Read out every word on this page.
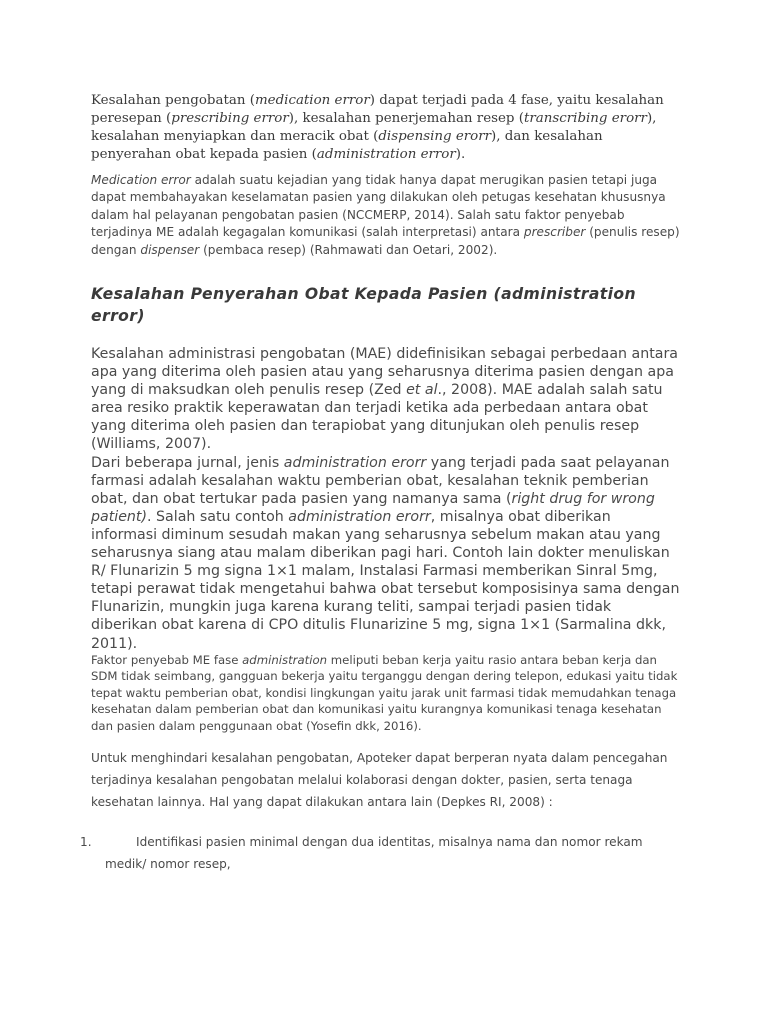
Kesalahan pengobatan (medication error) dapat terjadi pada 4 fase, yaitu kesalahan peresepan (prescribing error), kesalahan penerjemahan resep (transcribing erorr), kesalahan menyiapkan dan meracik obat (dispensing erorr), dan kesalahan penyerahan obat kepada pasien (administration error).

Medication error adalah suatu kejadian yang tidak hanya dapat merugikan pasien tetapi juga dapat membahayakan keselamatan pasien yang dilakukan oleh petugas kesehatan khususnya dalam hal pelayanan pengobatan pasien (NCCMERP, 2014). Salah satu faktor penyebab terjadinya ME adalah kegagalan komunikasi (salah interpretasi) antara prescriber (penulis resep) dengan dispenser (pembaca resep) (Rahmawati dan Oetari, 2002).

Kesalahan Penyerahan Obat Kepada Pasien (administration error)

Kesalahan administrasi pengobatan (MAE) didefinisikan sebagai perbedaan antara apa yang diterima oleh pasien atau yang seharusnya diterima pasien dengan apa yang di maksudkan oleh penulis resep (Zed et al., 2008). MAE adalah salah satu area resiko praktik keperawatan dan terjadi ketika ada perbedaan antara obat yang diterima oleh pasien dan terapiobat yang ditunjukan oleh penulis resep (Williams, 2007).
Dari beberapa jurnal, jenis administration erorr yang terjadi pada saat pelayanan farmasi adalah kesalahan waktu pemberian obat, kesalahan teknik pemberian obat, dan obat tertukar pada pasien yang namanya sama (right drug for wrong patient). Salah satu contoh administration erorr, misalnya obat diberikan informasi diminum sesudah makan yang seharusnya sebelum makan atau yang seharusnya siang atau malam diberikan pagi hari. Contoh lain dokter menuliskan R/ Flunarizin 5 mg signa 1×1 malam, Instalasi Farmasi memberikan Sinral 5mg, tetapi perawat tidak mengetahui bahwa obat tersebut komposisinya sama dengan Flunarizin, mungkin juga karena kurang teliti, sampai terjadi pasien tidak diberikan obat karena di CPO ditulis Flunarizine 5 mg, signa 1×1 (Sarmalina dkk, 2011).

Faktor penyebab ME fase administration meliputi beban kerja yaitu rasio antara beban kerja dan SDM tidak seimbang, gangguan bekerja yaitu terganggu dengan dering telepon, edukasi yaitu tidak tepat waktu pemberian obat, kondisi lingkungan yaitu jarak unit farmasi tidak memudahkan tenaga kesehatan dalam pemberian obat dan komunikasi yaitu kurangnya komunikasi tenaga kesehatan dan pasien dalam penggunaan obat (Yosefin dkk, 2016).

Untuk menghindari kesalahan pengobatan, Apoteker dapat berperan nyata dalam pencegahan terjadinya kesalahan pengobatan melalui kolaborasi dengan dokter, pasien, serta tenaga kesehatan lainnya. Hal yang dapat dilakukan antara lain (Depkes RI, 2008) :

1.	Identifikasi pasien minimal dengan dua identitas, misalnya nama dan nomor rekam
medik/ nomor resep,
